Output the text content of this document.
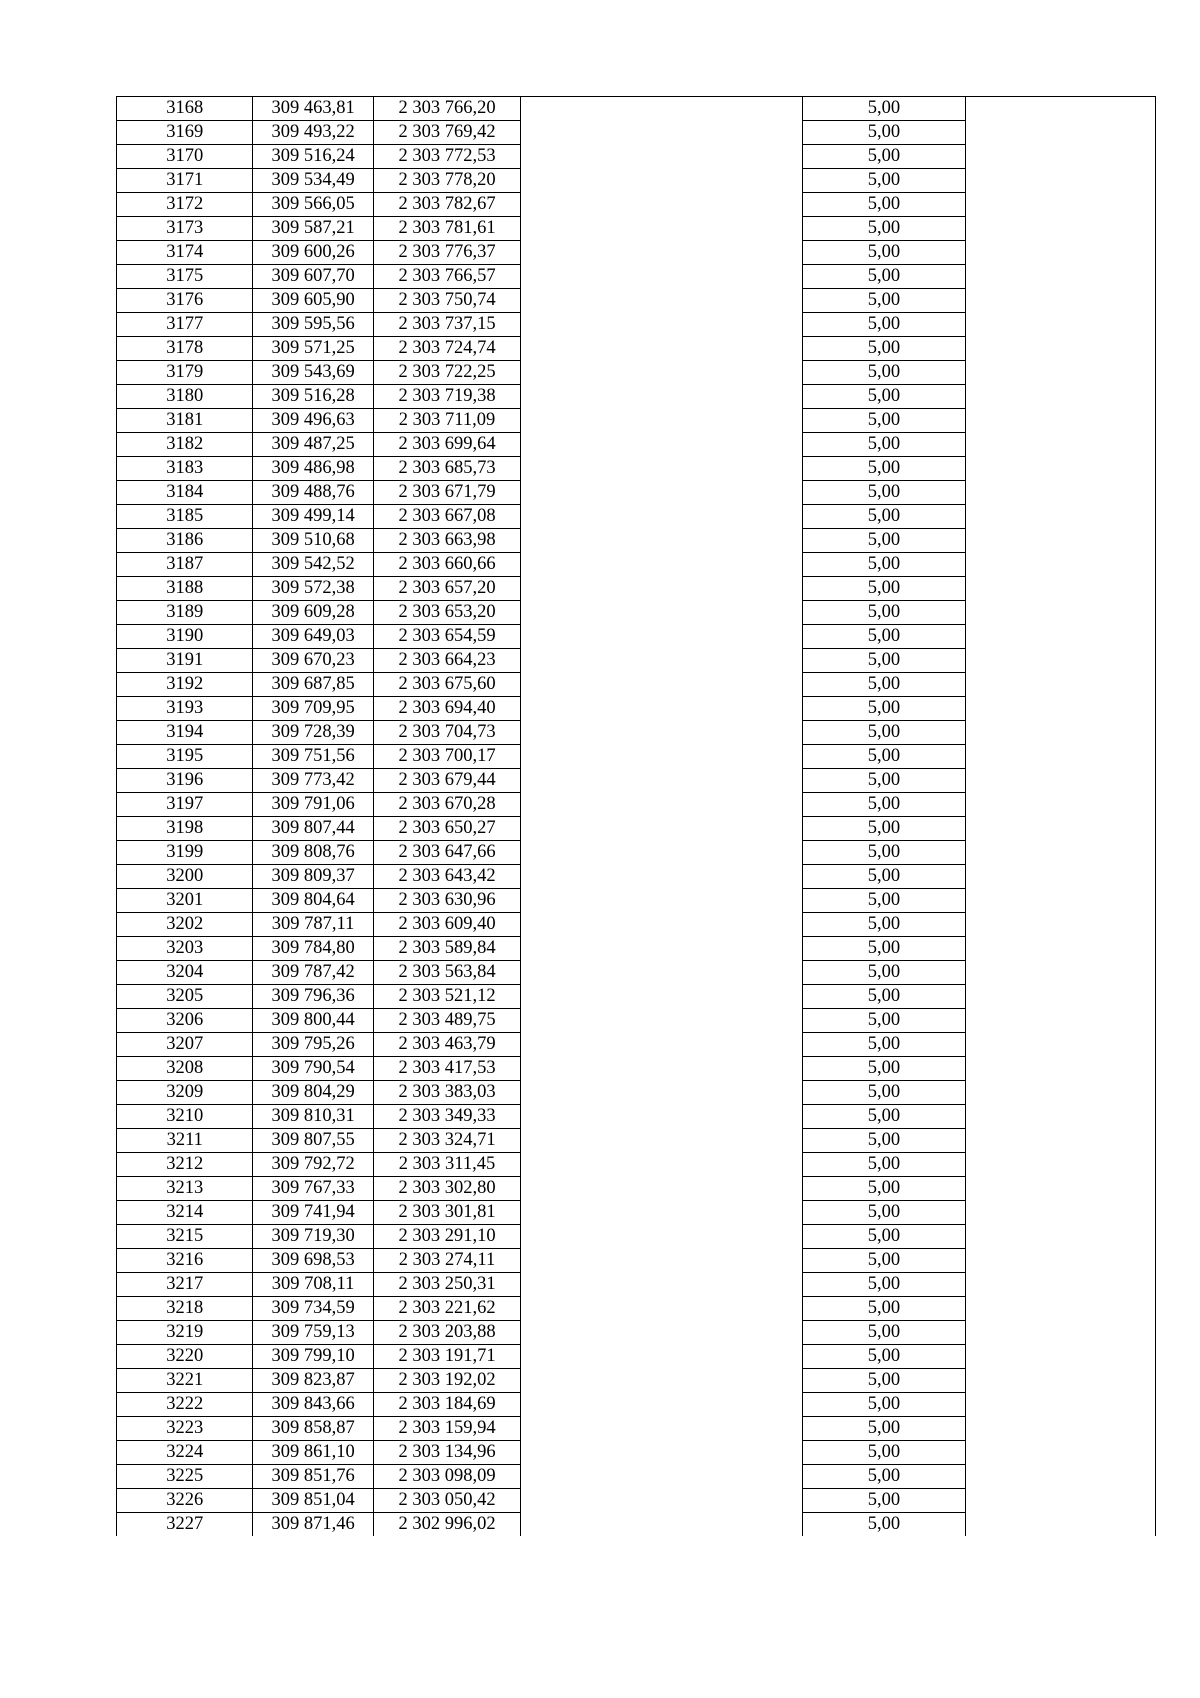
3168	309 463,81	2 303 766,20		5,00	
3169	309 493,22	2 303 769,42		5,00	
3170	309 516,24	2 303 772,53		5,00	
3171	309 534,49	2 303 778,20		5,00	
3172	309 566,05	2 303 782,67		5,00	
3173	309 587,21	2 303 781,61		5,00	
3174	309 600,26	2 303 776,37		5,00	
3175	309 607,70	2 303 766,57		5,00	
3176	309 605,90	2 303 750,74		5,00	
3177	309 595,56	2 303 737,15		5,00	
3178	309 571,25	2 303 724,74		5,00	
3179	309 543,69	2 303 722,25		5,00	
3180	309 516,28	2 303 719,38		5,00	
3181	309 496,63	2 303 711,09		5,00	
3182	309 487,25	2 303 699,64		5,00	
3183	309 486,98	2 303 685,73		5,00	
3184	309 488,76	2 303 671,79		5,00	
3185	309 499,14	2 303 667,08		5,00	
3186	309 510,68	2 303 663,98		5,00	
3187	309 542,52	2 303 660,66		5,00	
3188	309 572,38	2 303 657,20		5,00	
3189	309 609,28	2 303 653,20		5,00	
3190	309 649,03	2 303 654,59		5,00	
3191	309 670,23	2 303 664,23		5,00	
3192	309 687,85	2 303 675,60		5,00	
3193	309 709,95	2 303 694,40		5,00	
3194	309 728,39	2 303 704,73		5,00	
3195	309 751,56	2 303 700,17		5,00	
3196	309 773,42	2 303 679,44		5,00	
3197	309 791,06	2 303 670,28		5,00	
3198	309 807,44	2 303 650,27		5,00	
3199	309 808,76	2 303 647,66		5,00	
3200	309 809,37	2 303 643,42		5,00	
3201	309 804,64	2 303 630,96		5,00	
3202	309 787,11	2 303 609,40		5,00	
3203	309 784,80	2 303 589,84		5,00	
3204	309 787,42	2 303 563,84		5,00	
3205	309 796,36	2 303 521,12		5,00	
3206	309 800,44	2 303 489,75		5,00	
3207	309 795,26	2 303 463,79		5,00	
3208	309 790,54	2 303 417,53		5,00	
3209	309 804,29	2 303 383,03		5,00	
3210	309 810,31	2 303 349,33		5,00	
3211	309 807,55	2 303 324,71		5,00	
3212	309 792,72	2 303 311,45		5,00	
3213	309 767,33	2 303 302,80		5,00	
3214	309 741,94	2 303 301,81		5,00	
3215	309 719,30	2 303 291,10		5,00	
3216	309 698,53	2 303 274,11		5,00	
3217	309 708,11	2 303 250,31		5,00	
3218	309 734,59	2 303 221,62		5,00	
3219	309 759,13	2 303 203,88		5,00	
3220	309 799,10	2 303 191,71		5,00	
3221	309 823,87	2 303 192,02		5,00	
3222	309 843,66	2 303 184,69		5,00	
3223	309 858,87	2 303 159,94		5,00	
3224	309 861,10	2 303 134,96		5,00	
3225	309 851,76	2 303 098,09		5,00	
3226	309 851,04	2 303 050,42		5,00	
3227	309 871,46	2 302 996,02		5,00	
